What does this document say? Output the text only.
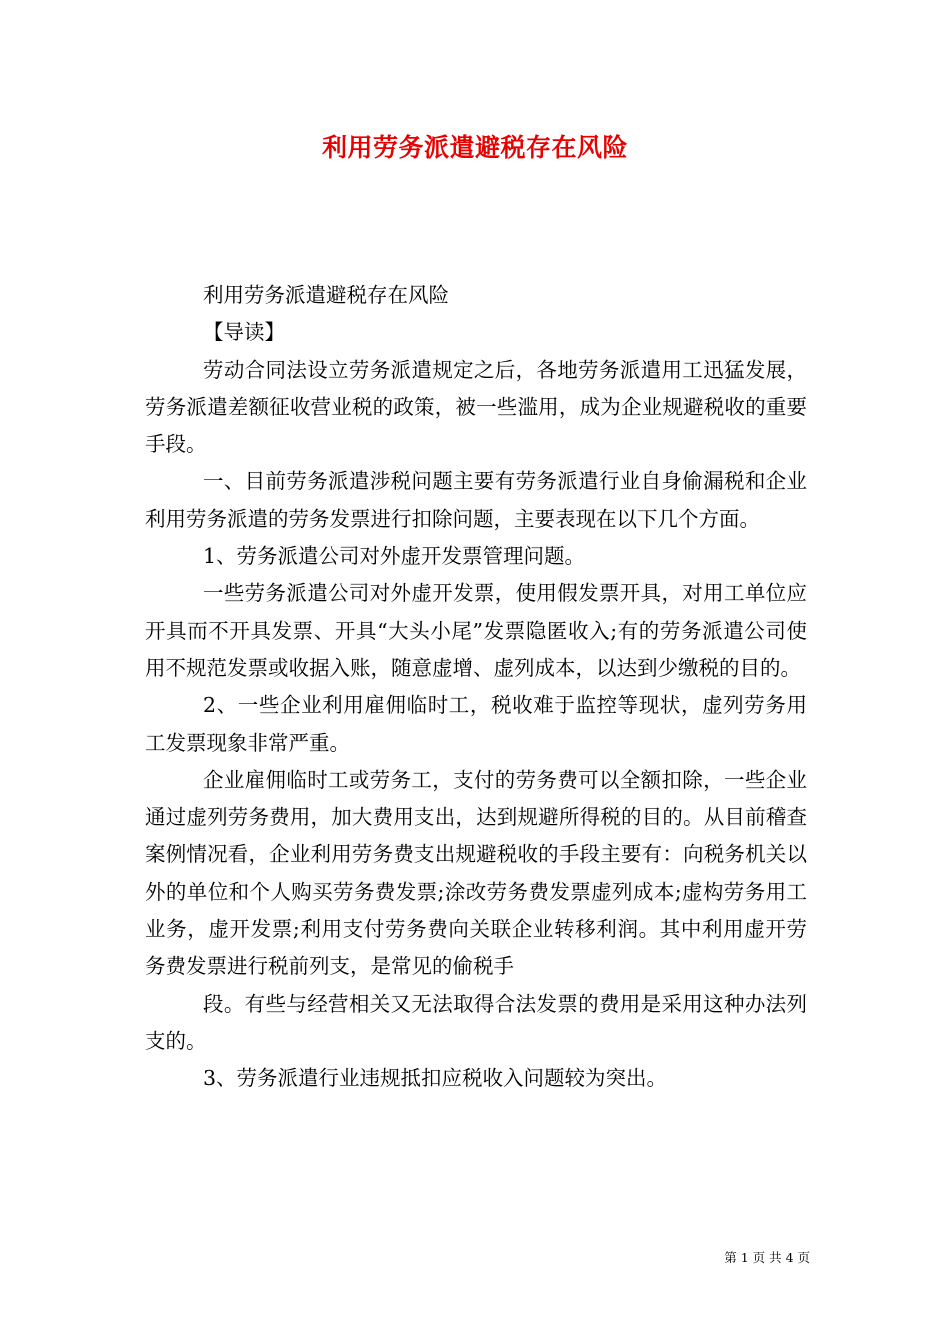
利用劳务派遣避税存在风险

利用劳务派遣避税存在风险

【导读】

劳动合同法设立劳务派遣规定之后，各地劳务派遣用工迅猛发展，劳务派遣差额征收营业税的政策，被一些滥用，成为企业规避税收的重要手段。

一、目前劳务派遣涉税问题主要有劳务派遣行业自身偷漏税和企业利用劳务派遣的劳务发票进行扣除问题，主要表现在以下几个方面。

1、劳务派遣公司对外虚开发票管理问题。

一些劳务派遣公司对外虚开发票，使用假发票开具，对用工单位应开具而不开具发票、开具“大头小尾”发票隐匿收入;有的劳务派遣公司使用不规范发票或收据入账，随意虚增、虚列成本，以达到少缴税的目的。

2、一些企业利用雇佣临时工，税收难于监控等现状，虚列劳务用工发票现象非常严重。

企业雇佣临时工或劳务工，支付的劳务费可以全额扣除，一些企业通过虚列劳务费用，加大费用支出，达到规避所得税的目的。从目前稽查案例情况看，企业利用劳务费支出规避税收的手段主要有：向税务机关以外的单位和个人购买劳务费发票;涂改劳务费发票虚列成本;虚构劳务用工业务，虚开发票;利用支付劳务费向关联企业转移利润。其中利用虚开劳务费发票进行税前列支，是常见的偷税手

段。有些与经营相关又无法取得合法发票的费用是采用这种办法列支的。

3、劳务派遣行业违规抵扣应税收入问题较为突出。

第 1 页 共 4 页
